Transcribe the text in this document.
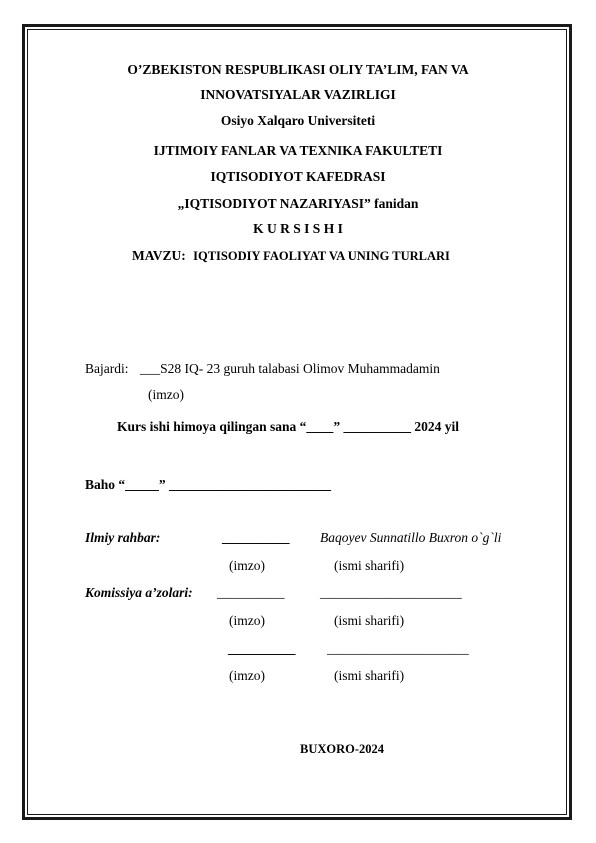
O’ZBEKISTON RESPUBLIKASI OLIY TA’LIM, FAN VA
INNOVATSIYALAR VAZIRLIGI
Osiyo Xalqaro Universiteti
IJTIMOIY FANLAR VA TEXNIKA FAKULTETI
IQTISODIYOT KAFEDRASI
„IQTISODIYOT NAZARIYASI” fanidan
K U R S I S H I
MAVZU: IQTISODIY FAOLIYAT VA UNING TURLARI
Bajardi: ___S28 IQ- 23 guruh talabasi Olimov Muhammadamin
(imzo)
Kurs ishi himoya qilingan sana “____” __________ 2024 yil
Baho “_____” ________________________
Ilmiy rahbar:	__________ Baqoyev Sunnatillo Buxron o`g`li
(imzo)	(ismi sharifi)
Komissiya a’zolari: __________	_____________________
(imzo)	(ismi sharifi)
__________ _____________________
(imzo)	(ismi sharifi)
BUXORO-2024
